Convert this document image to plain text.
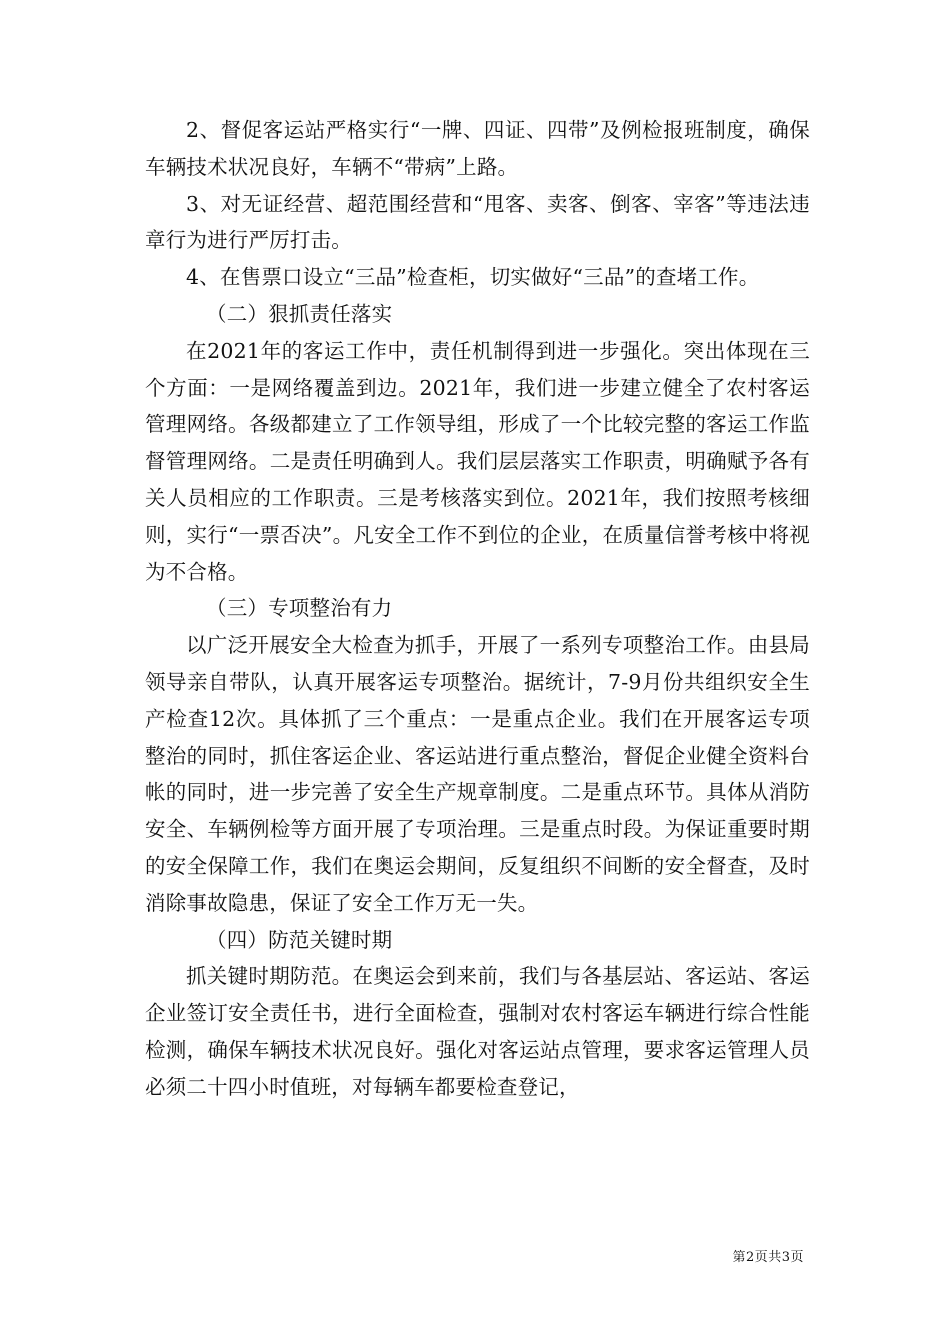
2、督促客运站严格实行“一牌、四证、四带”及例检报班制度，确保车辆技术状况良好，车辆不“带病”上路。

3、对无证经营、超范围经营和“甩客、卖客、倒客、宰客”等违法违章行为进行严厉打击。

4、在售票口设立“三品”检查柜，切实做好“三品”的查堵工作。

（二）狠抓责任落实

在2021年的客运工作中，责任机制得到进一步强化。突出体现在三个方面：一是网络覆盖到边。2021年，我们进一步建立健全了农村客运管理网络。各级都建立了工作领导组，形成了一个比较完整的客运工作监督管理网络。二是责任明确到人。我们层层落实工作职责，明确赋予各有关人员相应的工作职责。三是考核落实到位。2021年，我们按照考核细则，实行“一票否决”。凡安全工作不到位的企业，在质量信誉考核中将视为不合格。

（三）专项整治有力

以广泛开展安全大检查为抓手，开展了一系列专项整治工作。由县局领导亲自带队，认真开展客运专项整治。据统计，7-9月份共组织安全生产检查12次。具体抓了三个重点：一是重点企业。我们在开展客运专项整治的同时，抓住客运企业、客运站进行重点整治，督促企业健全资料台帐的同时，进一步完善了安全生产规章制度。二是重点环节。具体从消防安全、车辆例检等方面开展了专项治理。三是重点时段。为保证重要时期的安全保障工作，我们在奥运会期间，反复组织不间断的安全督查，及时消除事故隐患，保证了安全工作万无一失。

（四）防范关键时期

抓关键时期防范。在奥运会到来前，我们与各基层站、客运站、客运企业签订安全责任书，进行全面检查，强制对农村客运车辆进行综合性能检测，确保车辆技术状况良好。强化对客运站点管理，要求客运管理人员必须二十四小时值班，对每辆车都要检查登记，

第2页共3页
